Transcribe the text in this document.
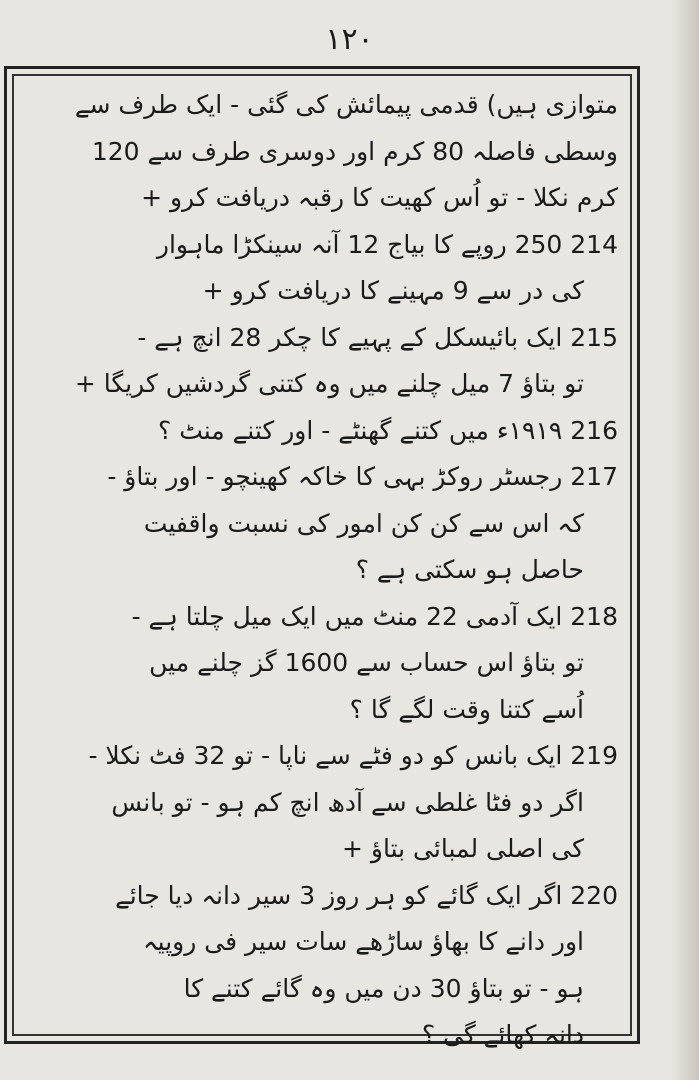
١٢٠
متوازی ہیں) قدمی پیمائش کی گئی - ایک طرف سے
وسطی فاصلہ 80 کرم اور دوسری طرف سے 120
کرم نکلا - تو اُس کھیت کا رقبہ دریافت کرو +
214 250 روپے کا بیاج 12 آنہ سینکڑا ماہوار
کی در سے 9 مہینے کا دریافت کرو +
215 ایک بائیسکل کے پہیے کا چکر 28 انچ ہے -
تو بتاؤ 7 میل چلنے میں وہ کتنی گردشیں کریگا +
216 ۱۹۱۹ء میں کتنے گھنٹے - اور کتنے منٹ ؟
217 رجسٹر روکڑ بہی کا خاکہ کھینچو - اور بتاؤ -
کہ اس سے کن کن امور کی نسبت واقفیت
حاصل ہو سکتی ہے ؟
218 ایک آدمی 22 منٹ میں ایک میل چلتا ہے -
تو بتاؤ اس حساب سے 1600 گز چلنے میں
اُسے کتنا وقت لگے گا ؟
219 ایک بانس کو دو فٹے سے ناپا - تو 32 فٹ نکلا -
اگر دو فٹا غلطی سے آدھ انچ کم ہو - تو بانس
کی اصلی لمبائی بتاؤ +
220 اگر ایک گائے کو ہر روز 3 سیر دانہ دیا جائے
اور دانے کا بھاؤ ساڑھے سات سیر فی روپیہ
ہو - تو بتاؤ 30 دن میں وہ گائے کتنے کا
دانہ کھائے گی ؟
